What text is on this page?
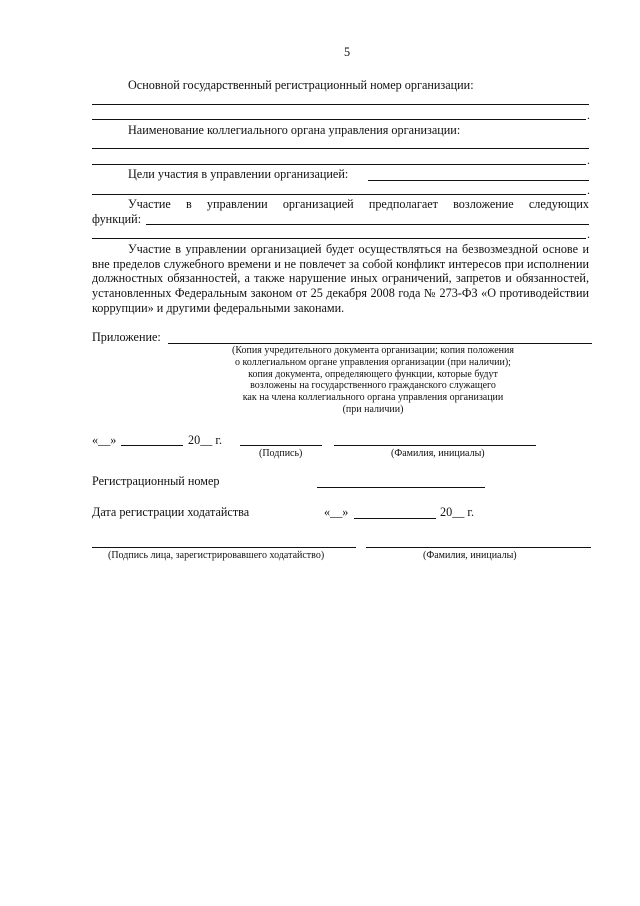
5
Основной государственный регистрационный номер организации:
.
Наименование коллегиального органа управления организации:
.
Цели участия в управлении организацией:
.
Участие в управлении организацией предполагает возложение следующих
функций:
.
Участие в управлении организацией будет осуществляться на безвозмездной основе и вне пределов служебного времени и не повлечет за собой конфликт интересов при исполнении должностных обязанностей, а также нарушение иных ограничений, запретов и обязанностей, установленных Федеральным законом от 25 декабря 2008 года № 273-ФЗ «О противодействии коррупции» и другими федеральными законами.
Приложение:
(Копия учредительного документа организации; копия положения
о коллегиальном органе управления организации (при наличии);
копия документа, определяющего функции, которые будут
возложены на государственного гражданского служащего
как на члена коллегиального органа управления организации
(при наличии)
«__»	20__ г.
(Подпись)	(Фамилия, инициалы)
Регистрационный номер
Дата регистрации ходатайства	«__»	20__ г.
(Подпись лица, зарегистрировавшего ходатайство)	(Фамилия, инициалы)
